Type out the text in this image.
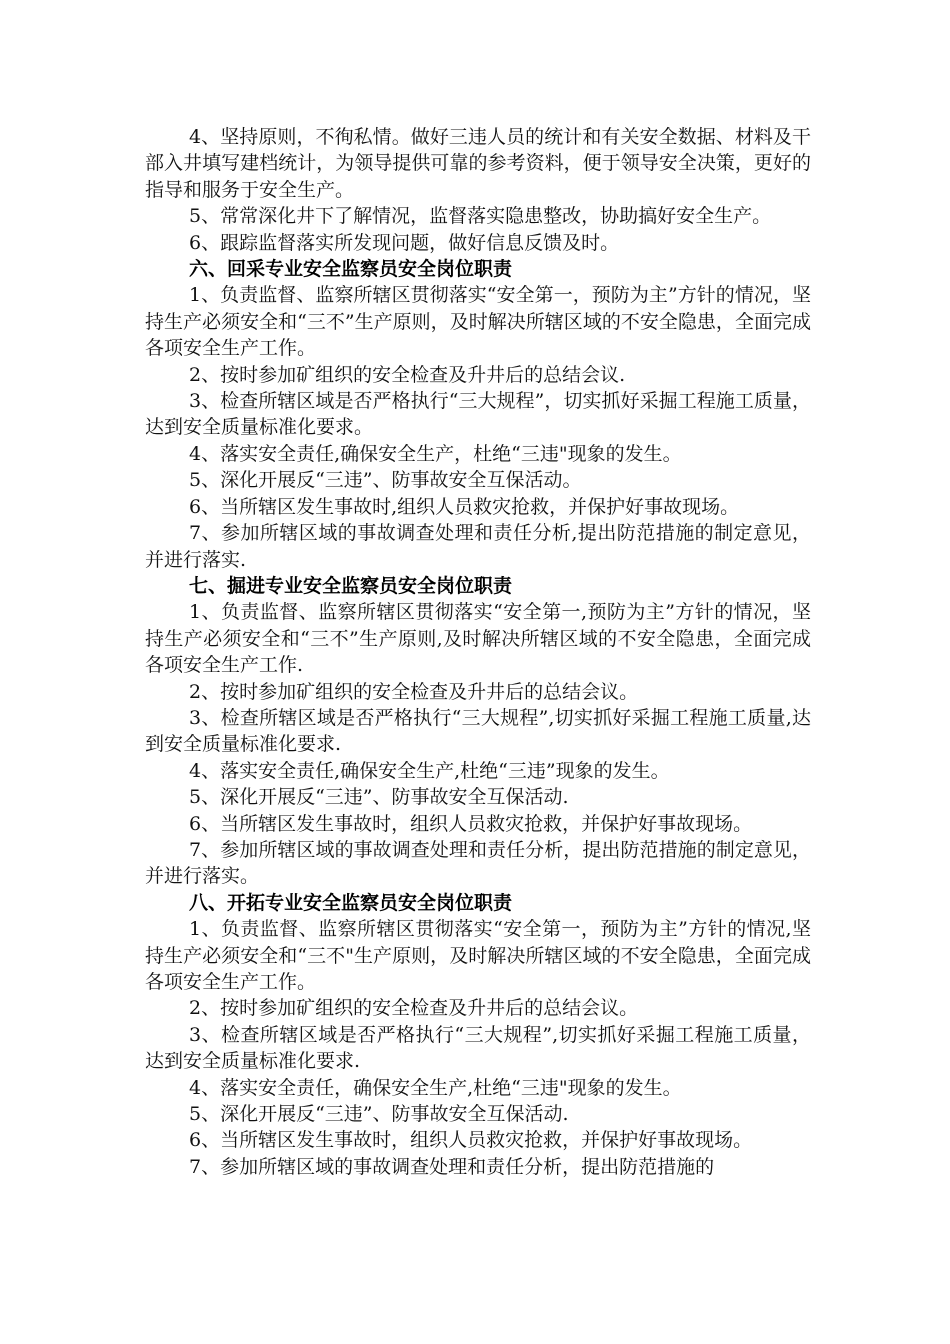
4、坚持原则，不徇私情。做好三违人员的统计和有关安全数据、材料及干部入井填写建档统计，为领导提供可靠的参考资料，便于领导安全决策，更好的指导和服务于安全生产。

5、常常深化井下了解情况，监督落实隐患整改，协助搞好安全生产。

6、跟踪监督落实所发现问题，做好信息反馈及时。

六、回采专业安全监察员安全岗位职责

1、负责监督、监察所辖区贯彻落实“安全第一，预防为主”方针的情况，坚持生产必须安全和“三不”生产原则，及时解决所辖区域的不安全隐患，全面完成各项安全生产工作。

2、按时参加矿组织的安全检查及升井后的总结会议.

3、检查所辖区域是否严格执行“三大规程”，切实抓好采掘工程施工质量，达到安全质量标准化要求。

4、落实安全责任,确保安全生产，杜绝“三违"现象的发生。

5、深化开展反“三违”、防事故安全互保活动。

6、当所辖区发生事故时,组织人员救灾抢救，并保护好事故现场。

7、参加所辖区域的事故调查处理和责任分析,提出防范措施的制定意见，并进行落实.

七、掘进专业安全监察员安全岗位职责

1、负责监督、监察所辖区贯彻落实“安全第一,预防为主”方针的情况，坚持生产必须安全和“三不”生产原则,及时解决所辖区域的不安全隐患，全面完成各项安全生产工作.

2、按时参加矿组织的安全检查及升井后的总结会议。

3、检查所辖区域是否严格执行“三大规程”,切实抓好采掘工程施工质量,达到安全质量标准化要求.

4、落实安全责任,确保安全生产,杜绝“三违”现象的发生。

5、深化开展反“三违”、防事故安全互保活动.

6、当所辖区发生事故时，组织人员救灾抢救，并保护好事故现场。

7、参加所辖区域的事故调查处理和责任分析，提出防范措施的制定意见，并进行落实。

八、开拓专业安全监察员安全岗位职责

1、负责监督、监察所辖区贯彻落实“安全第一，预防为主”方针的情况,坚持生产必须安全和“三不"生产原则，及时解决所辖区域的不安全隐患，全面完成各项安全生产工作。

2、按时参加矿组织的安全检查及升井后的总结会议。

3、检查所辖区域是否严格执行“三大规程”,切实抓好采掘工程施工质量，达到安全质量标准化要求.

4、落实安全责任，确保安全生产,杜绝“三违"现象的发生。

5、深化开展反“三违”、防事故安全互保活动.

6、当所辖区发生事故时，组织人员救灾抢救，并保护好事故现场。

7、参加所辖区域的事故调查处理和责任分析，提出防范措施的
